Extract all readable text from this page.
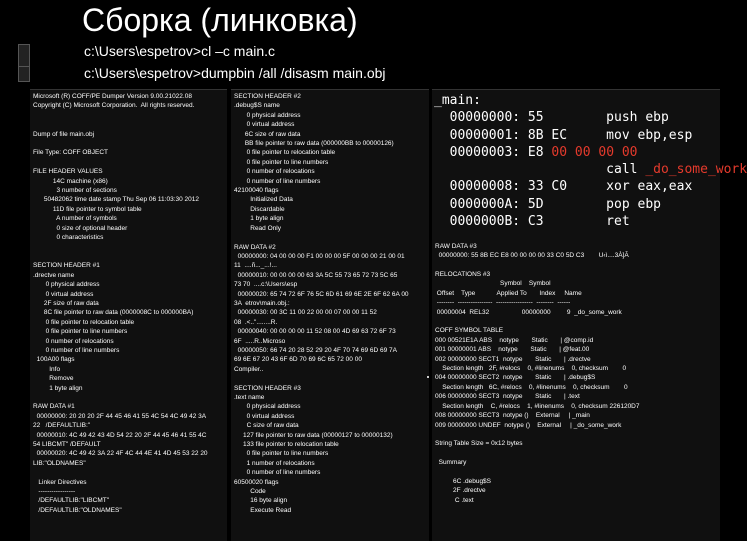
Сборка (линковка)
c:\Users\espetrov>cl –c main.c
c:\Users\espetrov>dumpbin /all /disasm main.obj
Microsoft (R) COFF/PE Dumper Version 9.00.21022.08
Copyright (C) Microsoft Corporation.  All rights reserved.

Dump of file main.obj

File Type: COFF OBJECT

FILE HEADER VALUES
14C machine (x86)
3 number of sections
50482062 time date stamp Thu Sep 06 11:03:30 2012
11D file pointer to symbol table
A number of symbols
0 size of optional header
0 characteristics

SECTION HEADER #1
.drectve name
0 physical address
0 virtual address
2F size of raw data
8C file pointer to raw data (0000008C to 000000BA)
0 file pointer to relocation table
0 file pointer to line numbers
0 number of relocations
0 number of line numbers
100A00 flags
Info
Remove
1 byte align

RAW DATA #1
00000000: 20 20 20 2F 44 45 46 41 55 4C 54 4C 49 42 3A
22   /DEFAULTLIB:"
00000010: 4C 49 42 43 4D 54 22 20 2F 44 45 46 41 55 4C
54 LIBCMT" /DEFAULT
00000020: 4C 49 42 3A 22 4F 4C 44 4E 41 4D 45 53 22 20
LIB:"OLDNAMES"

Linker Directives
-----------------
/DEFAULTLIB:"LIBCMT"
/DEFAULTLIB:"OLDNAMES"
SECTION HEADER #2
.debug$S name
0 physical address
0 virtual address
6C size of raw data
BB file pointer to raw data (000000BB to 00000126)
0 file pointer to relocation table
0 file pointer to line numbers
0 number of relocations
0 number of line numbers
42100040 flags
Initialized Data
Discardable
1 byte align
Read Only

RAW DATA #2
00000000: 04 00 00 00 F1 00 00 00 5F 00 00 00 21 00 01
11  ....ñ..._...!...
00000010: 00 00 00 00 63 3A 5C 55 73 65 72 73 5C 65
73 70  ....c:\Users\esp
00000020: 65 74 72 6F 76 5C 6D 61 69 6E 2E 6F 62 6A 00
3A  etrov\main.obj.:
00000030: 00 3C 11 00 22 00 00 07 00 00 11 52
08  .<.."........R.
00000040: 00 00 00 00 11 52 08 00 4D 69 63 72 6F 73
6F  .....R..Microso
00000050: 66 74 20 28 52 29 20 4F 70 74 69 6D 69 7A
69 6E 67 20 43 6F 6D 70 69 6C 65 72 00 00
Compiler..

SECTION HEADER #3
.text name
0 physical address
0 virtual address
C size of raw data
127 file pointer to raw data (00000127 to 00000132)
133 file pointer to relocation table
0 file pointer to line numbers
1 number of relocations
0 number of line numbers
60500020 flags
Code
16 byte align
Execute Read
_main:
00000000: 55        push ebp
00000001: 8B EC     mov ebp,esp
00000003: E8 00 00 00 00
call _do_some_work
00000008: 33 C0     xor eax,eax
0000000A: 5D        pop ebp
0000000B: C3        ret

RAW DATA #3
00000000: 55 8B EC E8 00 00 00 00 33 C0 5D C3        U‹ì....3À]Ã

RELOCATIONS #3
Symbol    Symbol
Offset    Type            Applied To       Index     Name
--------  ----------------  -----------------  --------  ------
00000004  REL32                  00000000         9  _do_some_work

COFF SYMBOL TABLE
000 00521E1A ABS    notype       Static       | @comp.id
001 00000001 ABS    notype       Static       | @feat.00
002 00000000 SECT1  notype       Static       | .drectve
Section length   2F, #relocs    0, #linenums    0, checksum        0
004 00000000 SECT2  notype       Static       | .debug$S
Section length   6C, #relocs    0, #linenums    0, checksum        0
006 00000000 SECT3  notype       Static       | .text
Section length    C, #relocs    1, #linenums    0, checksum 226120D7
008 00000000 SECT3  notype ()    External     | _main
009 00000000 UNDEF  notype ()    External     | _do_some_work

String Table Size = 0x12 bytes

Summary

6C .debug$S
2F .drectve
C .text
